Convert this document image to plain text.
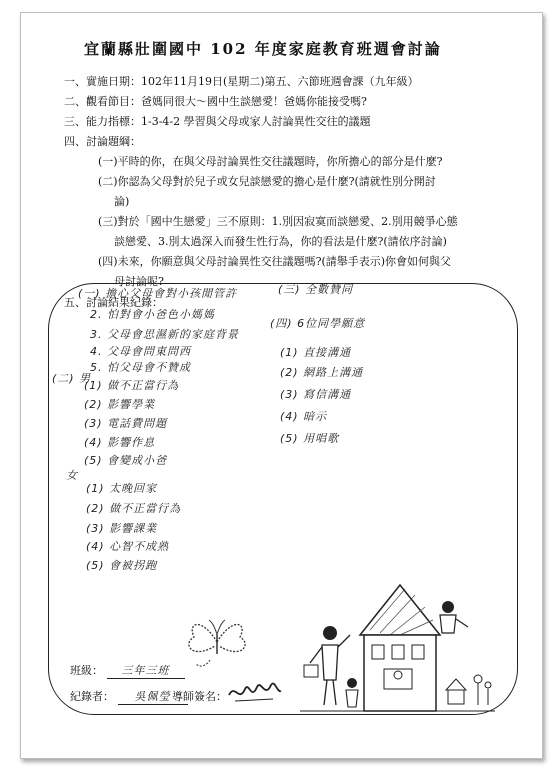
宜蘭縣壯圍國中 102 年度家庭教育班週會討論
一、實施日期：102年11月19日(星期二)第五、六節班週會課（九年級）
二、觀看節目：爸媽同很大～國中生談戀愛！爸媽你能接受嗎?
三、能力指標：1-3-4-2 學習與父母或家人討論異性交往的議題
四、討論題綱：
(一)平時的你，在與父母討論異性交往議題時，你所擔心的部分是什麼?
(二)你認為父母對於兒子或女兒談戀愛的擔心是什麼?(請就性別分開討
論)
(三)對於「國中生戀愛」三不原則：1.別因寂寞而談戀愛、2.別用競爭心態
談戀愛、3.別太過深入而發生性行為，你的看法是什麼?(請依序討論)
(四)未來，你願意與父母討論異性交往議題嗎?(請舉手表示)你會如何與父
母討論呢?
五、討論結果紀錄：
(一) 擔心父母會對小孩閒管許
2. 怕對會小爸色小媽媽
3. 父母會思濕新的家庭背景
4. 父母會問東問西
5. 怕父母會不贊成
(二) 男
(1) 做不正當行為
(2) 影響學業
(3) 電話費問題
(4) 影響作息
(5) 會變成小爸
女
(1) 太晚回家
(2) 做不正當行為
(3) 影響課業
(4) 心智不成熟
(5) 會被拐跑
(三) 全數贊同
(四) 6位同學願意
(1) 直接溝通
(2) 網路上溝通
(3) 寫信溝通
(4) 暗示
(5) 用唱歌
班級： 三年三班
紀錄者： 吳佩瑩 導師簽名：
